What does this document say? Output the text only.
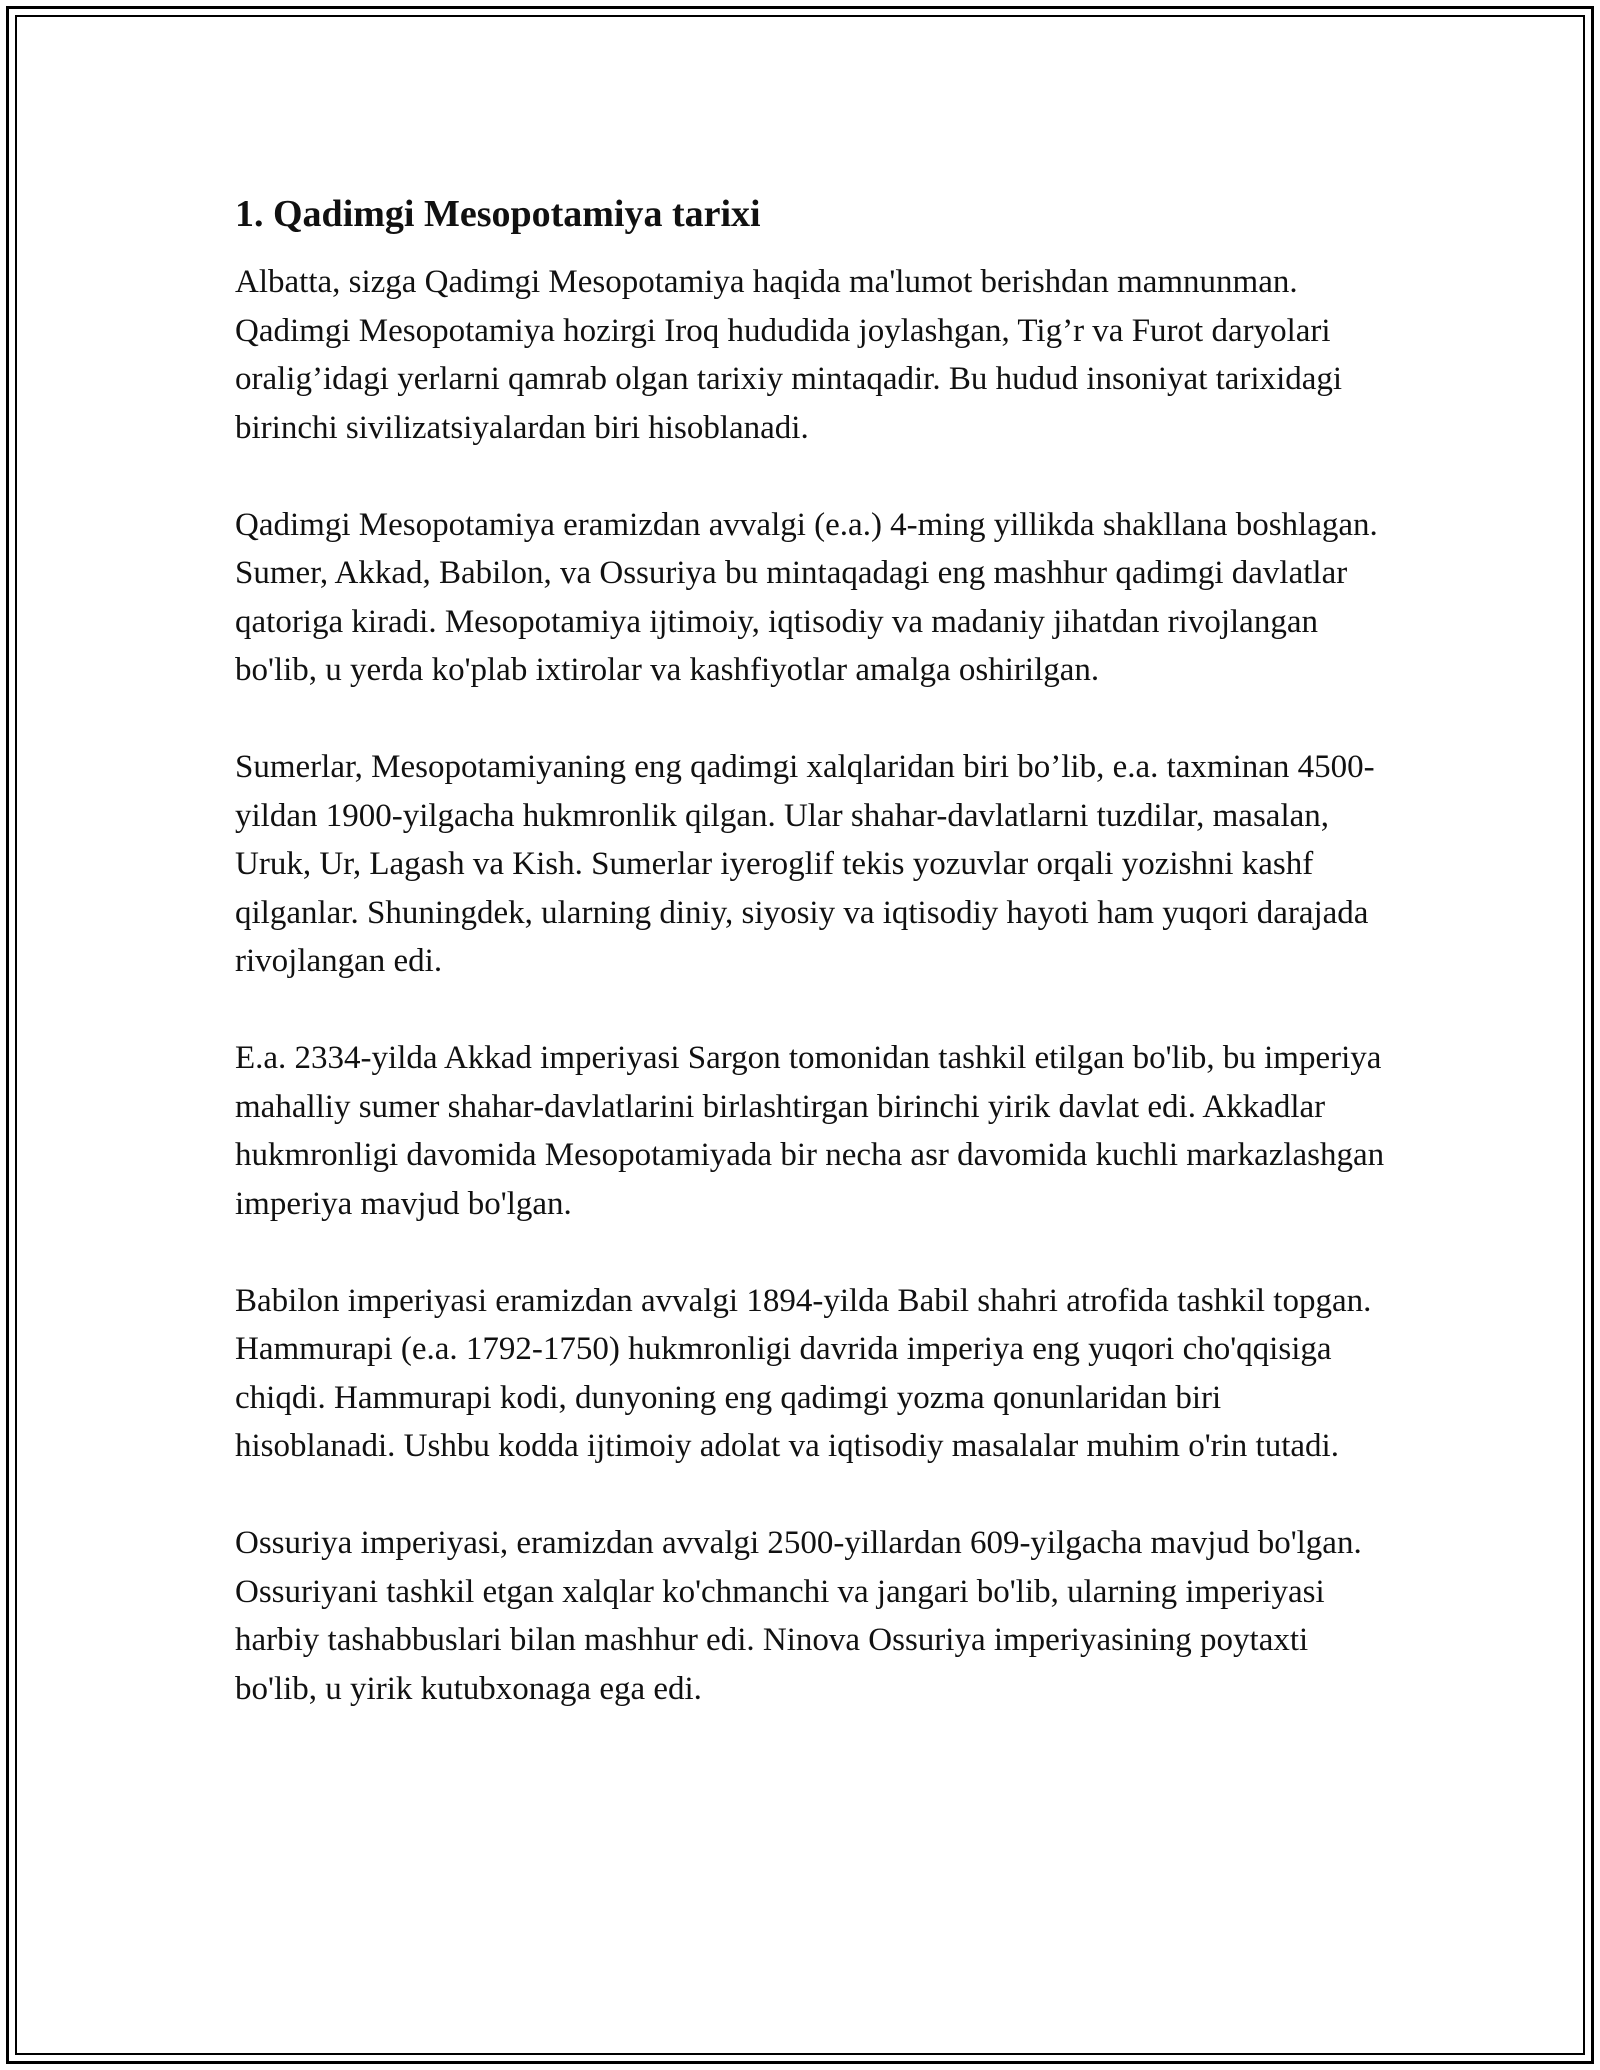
1. Qadimgi Mesopotamiya tarixi

Albatta, sizga Qadimgi Mesopotamiya haqida ma'lumot berishdan mamnunman. Qadimgi Mesopotamiya hozirgi Iroq hududida joylashgan, Tig’r va Furot daryolari oralig’idagi yerlarni qamrab olgan tarixiy mintaqadir. Bu hudud insoniyat tarixidagi birinchi sivilizatsiyalardan biri hisoblanadi.

Qadimgi Mesopotamiya eramizdan avvalgi (e.a.) 4-ming yillikda shakllana boshlagan. Sumer, Akkad, Babilon, va Ossuriya bu mintaqadagi eng mashhur qadimgi davlatlar qatoriga kiradi. Mesopotamiya ijtimoiy, iqtisodiy va madaniy jihatdan rivojlangan bo'lib, u yerda ko'plab ixtirolar va kashfiyotlar amalga oshirilgan.

Sumerlar, Mesopotamiyaning eng qadimgi xalqlaridan biri bo’lib, e.a. taxminan 4500-yildan 1900-yilgacha hukmronlik qilgan. Ular shahar-davlatlarni tuzdilar, masalan, Uruk, Ur, Lagash va Kish. Sumerlar iyeroglif tekis yozuvlar orqali yozishni kashf qilganlar. Shuningdek, ularning diniy, siyosiy va iqtisodiy hayoti ham yuqori darajada rivojlangan edi.

E.a. 2334-yilda Akkad imperiyasi Sargon tomonidan tashkil etilgan bo'lib, bu imperiya mahalliy sumer shahar-davlatlarini birlashtirgan birinchi yirik davlat edi. Akkadlar hukmronligi davomida Mesopotamiyada bir necha asr davomida kuchli markazlashgan imperiya mavjud bo'lgan.

Babilon imperiyasi eramizdan avvalgi 1894-yilda Babil shahri atrofida tashkil topgan. Hammurapi (e.a. 1792-1750) hukmronligi davrida imperiya eng yuqori cho'qqisiga chiqdi. Hammurapi kodi, dunyoning eng qadimgi yozma qonunlaridan biri hisoblanadi. Ushbu kodda ijtimoiy adolat va iqtisodiy masalalar muhim o'rin tutadi.

Ossuriya imperiyasi, eramizdan avvalgi 2500-yillardan 609-yilgacha mavjud bo'lgan. Ossuriyani tashkil etgan xalqlar ko'chmanchi va jangari bo'lib, ularning imperiyasi harbiy tashabbuslari bilan mashhur edi. Ninova Ossuriya imperiyasining poytaxti bo'lib, u yirik kutubxonaga ega edi.
